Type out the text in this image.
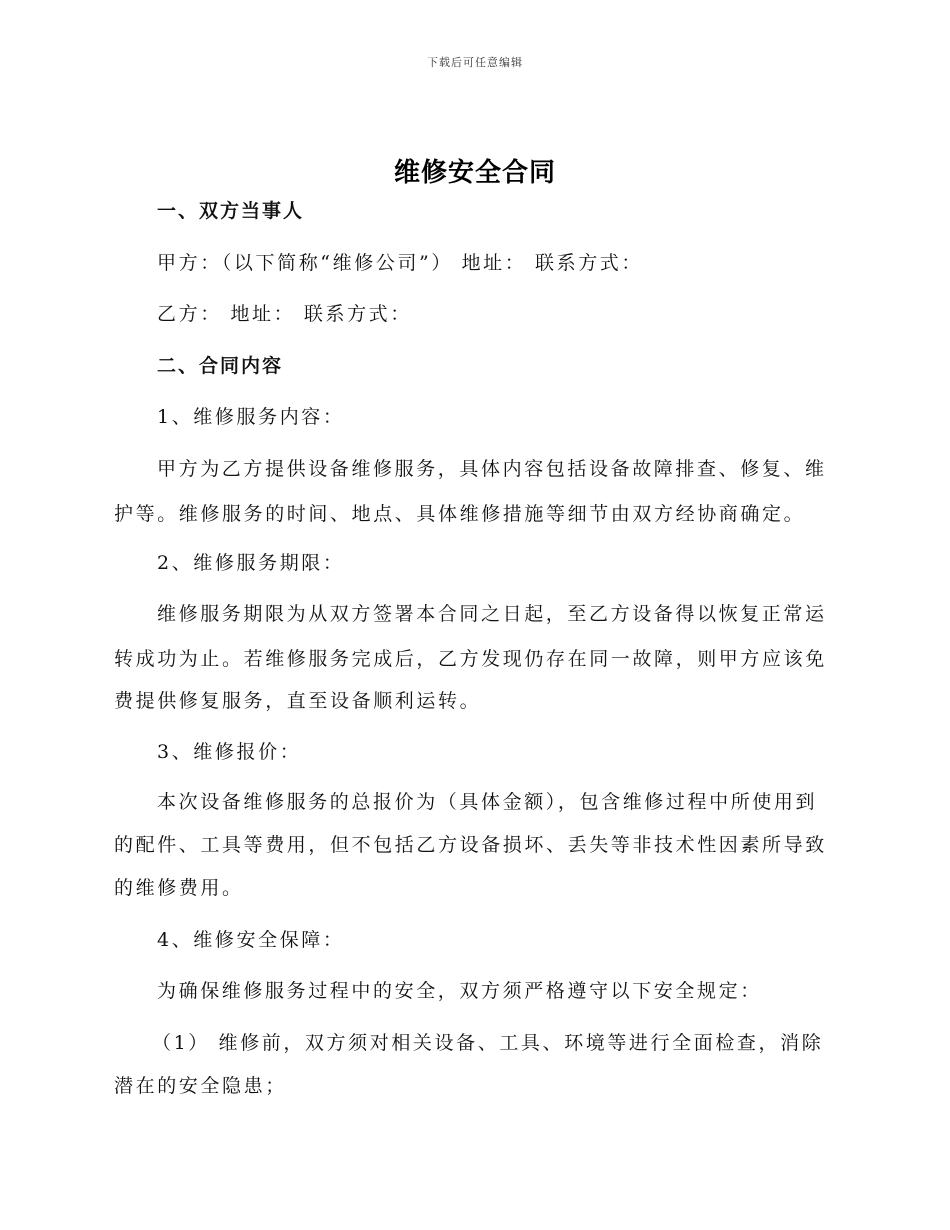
下载后可任意编辑
维修安全合同
一、双方当事人
甲方：（以下简称“维修公司”） 地址： 联系方式：
乙方： 地址： 联系方式：
二、合同内容
1、维修服务内容：
甲方为乙方提供设备维修服务，具体内容包括设备故障排查、修复、维
护等。维修服务的时间、地点、具体维修措施等细节由双方经协商确定。
2、维修服务期限：
维修服务期限为从双方签署本合同之日起，至乙方设备得以恢复正常运
转成功为止。若维修服务完成后，乙方发现仍存在同一故障，则甲方应该免
费提供修复服务，直至设备顺利运转。
3、维修报价：
本次设备维修服务的总报价为（具体金额），包含维修过程中所使用到
的配件、工具等费用，但不包括乙方设备损坏、丢失等非技术性因素所导致
的维修费用。
4、维修安全保障：
为确保维修服务过程中的安全，双方须严格遵守以下安全规定：
（1） 维修前，双方须对相关设备、工具、环境等进行全面检查，消除
潜在的安全隐患；
